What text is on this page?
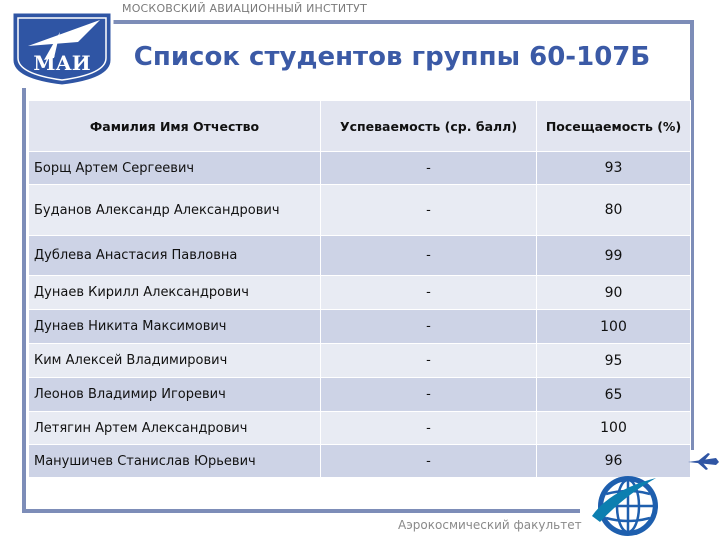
МАИ
МОСКОВСКИЙ АВИАЦИОННЫЙ ИНСТИТУТ
Список студентов группы 60-107Б
Фамилия Имя Отчество	Успеваемость (ср. балл)	Посещаемость (%)
Борщ Артем Сергеевич	-	93
Буданов Александр Александрович	-	80
Дублева Анастасия Павловна	-	99
Дунаев Кирилл Александрович	-	90
Дунаев Никита Максимович	-	100
Ким Алексей Владимирович	-	95
Леонов Владимир Игоревич	-	65
Летягин Артем Александрович	-	100
Манушичев Станислав Юрьевич	-	96
Аэрокосмический факультет
